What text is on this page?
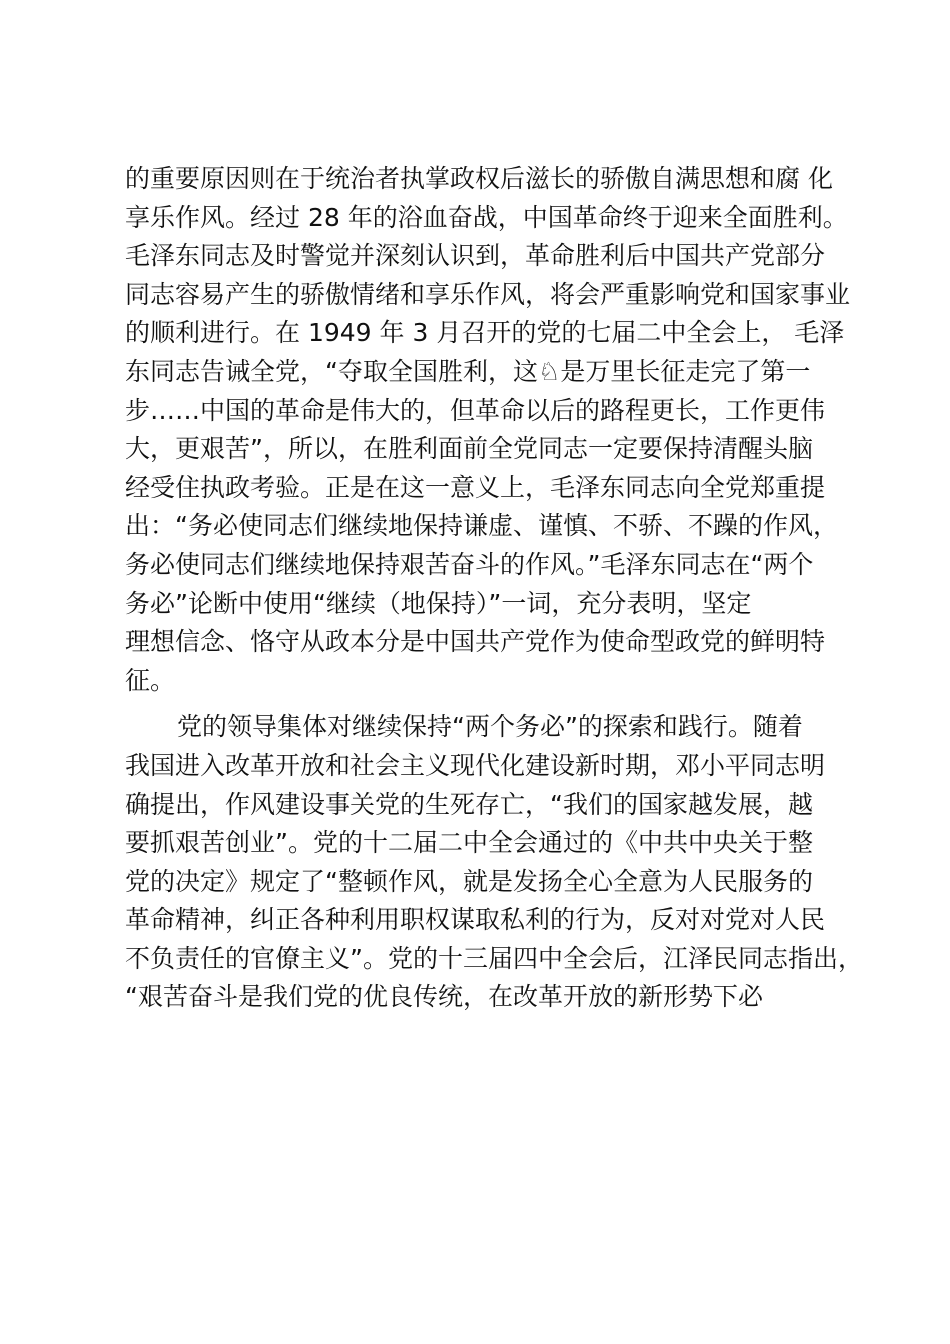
的重要原因则在于统治者执掌政权后滋长的骄傲自满思想和腐 化
享乐作风。经过 28 年的浴血奋战，中国革命终于迎来全面胜利。
毛泽东同志及时警觉并深刻认识到，革命胜利后中国共产党部分
同志容易产生的骄傲情绪和享乐作风，将会严重影响党和国家事业
的顺利进行。在 1949 年 3 月召开的党的七届二中全会上， 毛泽
东同志告诫全党，“夺取全国胜利，这♘是万里长征走完了第一
步……中国的革命是伟大的，但革命以后的路程更长，工作更伟
大，更艰苦”，所以，在胜利面前全党同志一定要保持清醒头脑
经受住执政考验。正是在这一意义上，毛泽东同志向全党郑重提
出：“务必使同志们继续地保持谦虚、谨慎、不骄、不躁的作风，
务必使同志们继续地保持艰苦奋斗的作风。”毛泽东同志在“两个
务必”论断中使用“继续（地保持）”一词，充分表明，坚定
理想信念、恪守从政本分是中国共产党作为使命型政党的鲜明特
征。
党的领导集体对继续保持“两个务必”的探索和践行。随着
我国进入改革开放和社会主义现代化建设新时期，邓小平同志明
确提出，作风建设事关党的生死存亡，“我们的国家越发展，越
要抓艰苦创业”。党的十二届二中全会通过的《中共中央关于整
党的决定》规定了“整顿作风，就是发扬全心全意为人民服务的
革命精神，纠正各种利用职权谋取私利的行为，反对对党对人民
不负责任的官僚主义”。党的十三届四中全会后，江泽民同志指出，
“艰苦奋斗是我们党的优良传统，在改革开放的新形势下必
